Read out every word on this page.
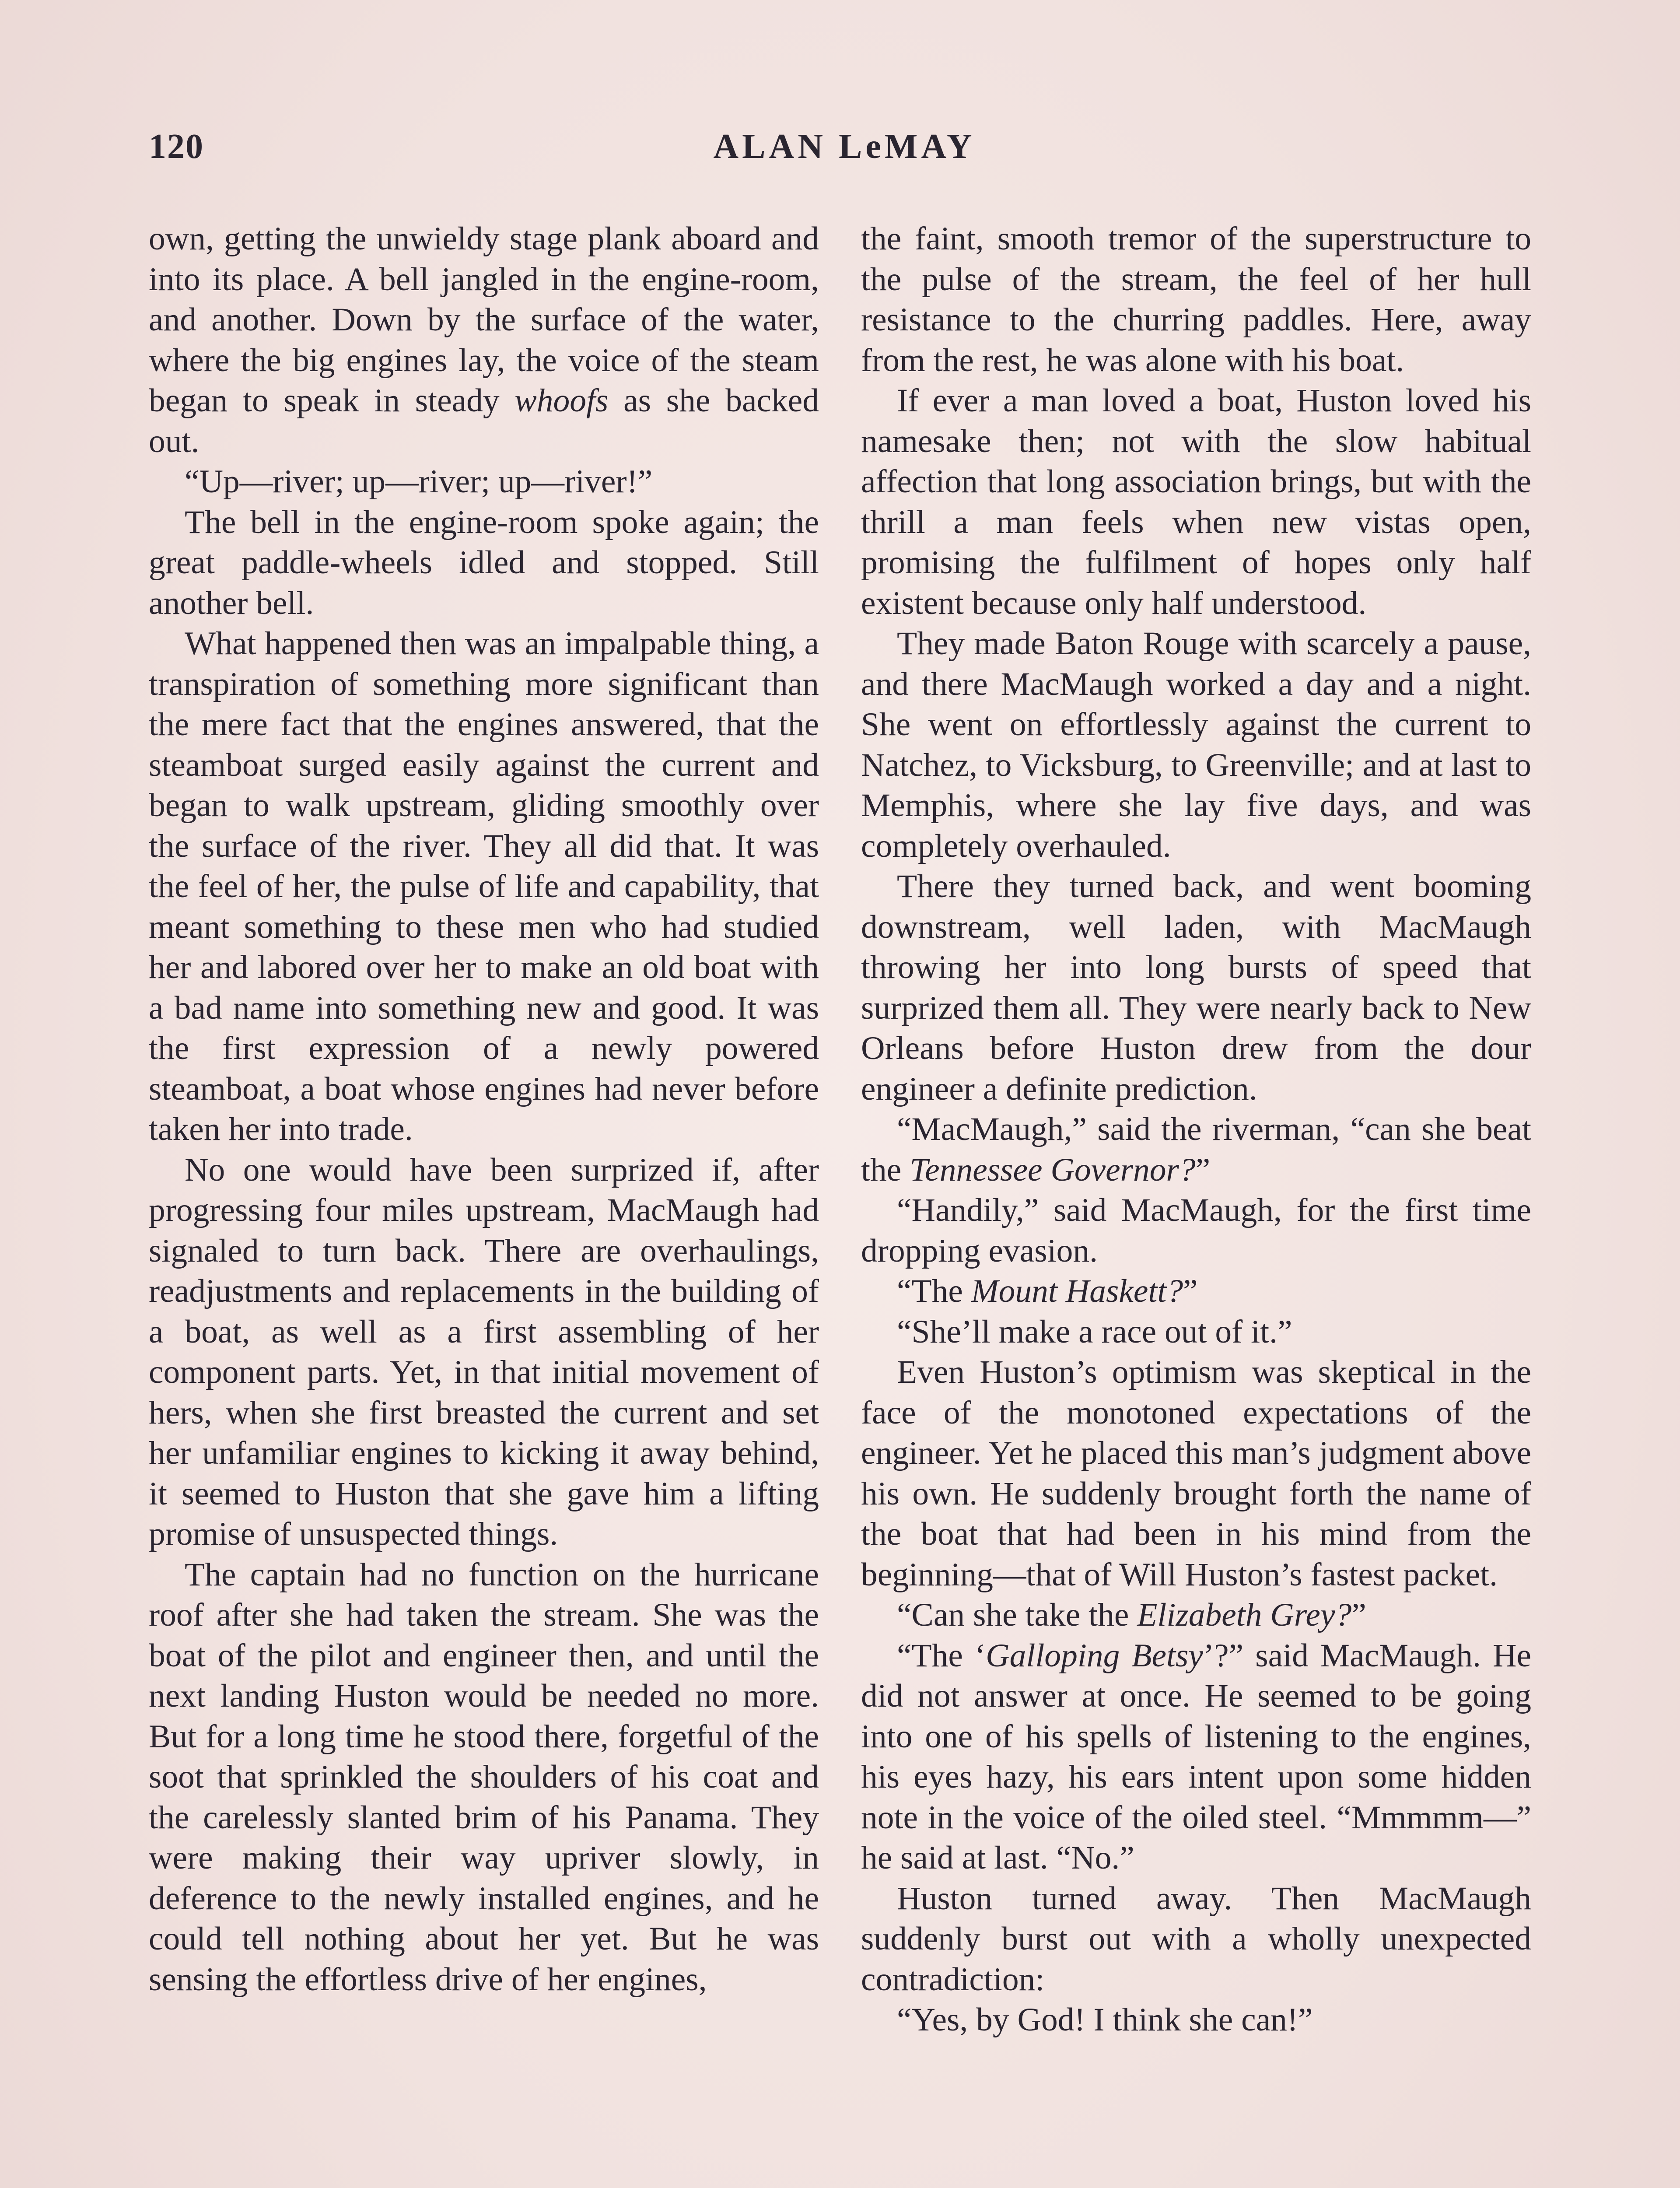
120	ALAN LeMAY

own, getting the unwieldy stage plank aboard and into its place. A bell jangled in the engine-room, and another. Down by the surface of the water, where the big engines lay, the voice of the steam began to speak in steady whoofs as she backed out.

“Up—river; up—river; up—river!”

The bell in the engine-room spoke again; the great paddle-wheels idled and stopped. Still another bell.

What happened then was an impalpable thing, a transpiration of something more significant than the mere fact that the engines answered, that the steamboat surged easily against the current and began to walk upstream, gliding smoothly over the surface of the river. They all did that. It was the feel of her, the pulse of life and capability, that meant something to these men who had studied her and labored over her to make an old boat with a bad name into something new and good. It was the first expression of a newly powered steamboat, a boat whose engines had never before taken her into trade.

No one would have been surprized if, after progressing four miles upstream, MacMaugh had signaled to turn back. There are overhaulings, readjustments and replacements in the building of a boat, as well as a first assembling of her component parts. Yet, in that initial movement of hers, when she first breasted the current and set her unfamiliar engines to kicking it away behind, it seemed to Huston that she gave him a lifting promise of unsuspected things.

The captain had no function on the hurricane roof after she had taken the stream. She was the boat of the pilot and engineer then, and until the next landing Huston would be needed no more. But for a long time he stood there, forgetful of the soot that sprinkled the shoulders of his coat and the carelessly slanted brim of his Panama. They were making their way upriver slowly, in deference to the newly installed engines, and he could tell nothing about her yet. But he was sensing the effortless drive of her engines,

the faint, smooth tremor of the superstructure to the pulse of the stream, the feel of her hull resistance to the churring paddles. Here, away from the rest, he was alone with his boat.

If ever a man loved a boat, Huston loved his namesake then; not with the slow habitual affection that long association brings, but with the thrill a man feels when new vistas open, promising the fulfilment of hopes only half existent because only half understood.

They made Baton Rouge with scarcely a pause, and there MacMaugh worked a day and a night. She went on effortlessly against the current to Natchez, to Vicksburg, to Greenville; and at last to Memphis, where she lay five days, and was completely overhauled.

There they turned back, and went booming downstream, well laden, with MacMaugh throwing her into long bursts of speed that surprized them all. They were nearly back to New Orleans before Huston drew from the dour engineer a definite prediction.

“MacMaugh,” said the riverman, “can she beat the Tennessee Governor?”

“Handily,” said MacMaugh, for the first time dropping evasion.

“The Mount Haskett?”

“She’ll make a race out of it.”

Even Huston’s optimism was skeptical in the face of the monotoned expectations of the engineer. Yet he placed this man’s judgment above his own. He suddenly brought forth the name of the boat that had been in his mind from the beginning—that of Will Huston’s fastest packet.

“Can she take the Elizabeth Grey?”

“The ‘Galloping Betsy’?” said MacMaugh. He did not answer at once. He seemed to be going into one of his spells of listening to the engines, his eyes hazy, his ears intent upon some hidden note in the voice of the oiled steel. “Mmmmm—” he said at last. “No.”

Huston turned away. Then MacMaugh suddenly burst out with a wholly unexpected contradiction:

“Yes, by God! I think she can!”
